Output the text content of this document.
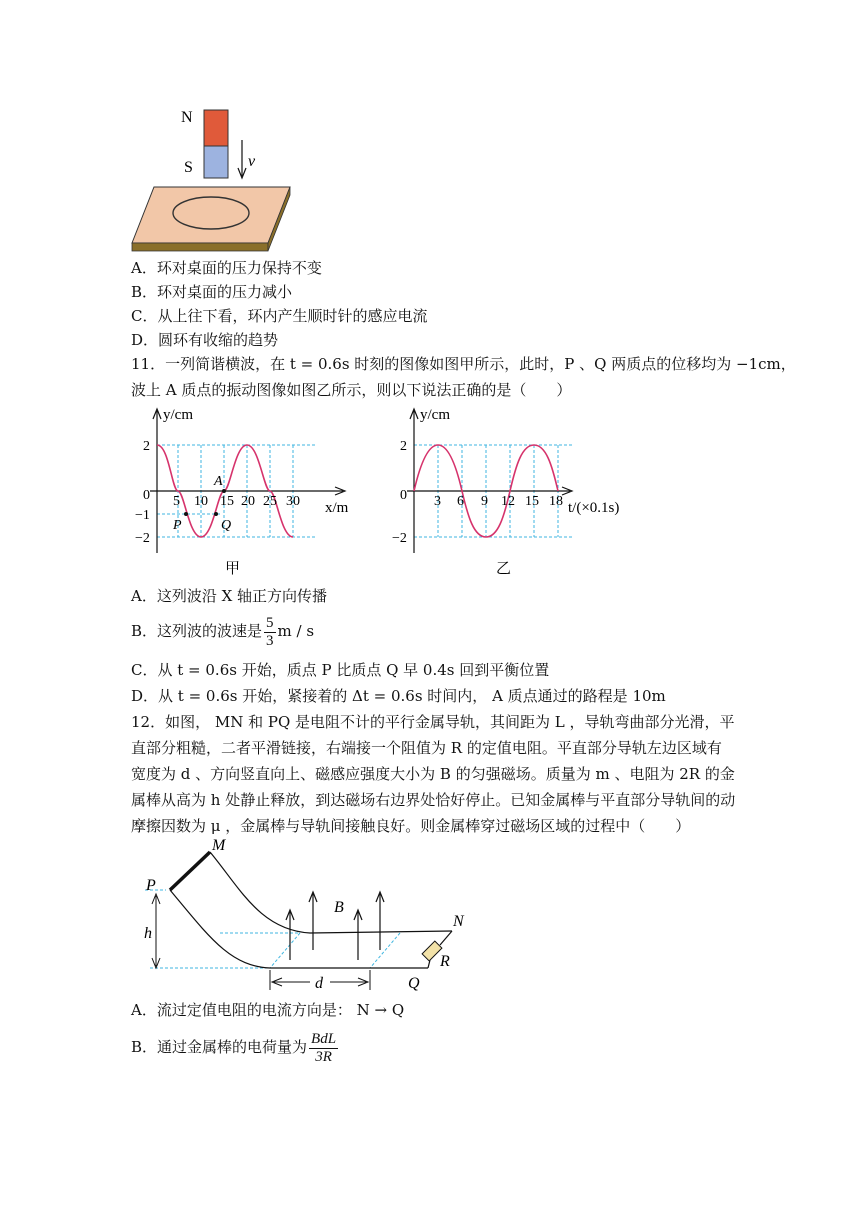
N
S	v
A．环对桌面的压力保持不变
B．环对桌面的压力减小
C．从上往下看，环内产生顺时针的感应电流
D．圆环有收缩的趋势
11．一列简谐横波，在 t = 0.6s 时刻的图像如图甲所示，此时，P 、Q 两质点的位移均为 −1cm，
波上 A 质点的振动图像如图乙所示，则以下说法正确的是（　　）
y/cm
x/m
0
2
−1
−2
5 10 15 20 25 30
A
P	Q
甲
y/cm
t/(×0.1s)
0
2
−2
3 6 9 12 15 18
乙
A．这列波沿 X 轴正方向传播
B．这列波的波速是 $\frac{5}{3}$ m / s
C．从 t = 0.6s 开始，质点 P 比质点 Q 早 0.4s 回到平衡位置
D．从 t = 0.6s 开始，紧接着的 Δt = 0.6s 时间内， A 质点通过的路程是 10m
12．如图， MN 和 PQ 是电阻不计的平行金属导轨，其间距为 L ，导轨弯曲部分光滑，平
直部分粗糙，二者平滑链接，右端接一个阻值为 R 的定值电阻。平直部分导轨左边区域有
宽度为 d 、方向竖直向上、磁感应强度大小为 B 的匀强磁场。质量为 m 、电阻为 2R 的金
属棒从高为 h 处静止释放，到达磁场右边界处恰好停止。已知金属棒与平直部分导轨间的动
摩擦因数为 μ ，金属棒与导轨间接触良好。则金属棒穿过磁场区域的过程中（　　）
M
P
h
B
N
R
Q
d
A．流过定值电阻的电流方向是： N → Q
B．通过金属棒的电荷量为 $\frac{\text{BdL}}{3R}$
